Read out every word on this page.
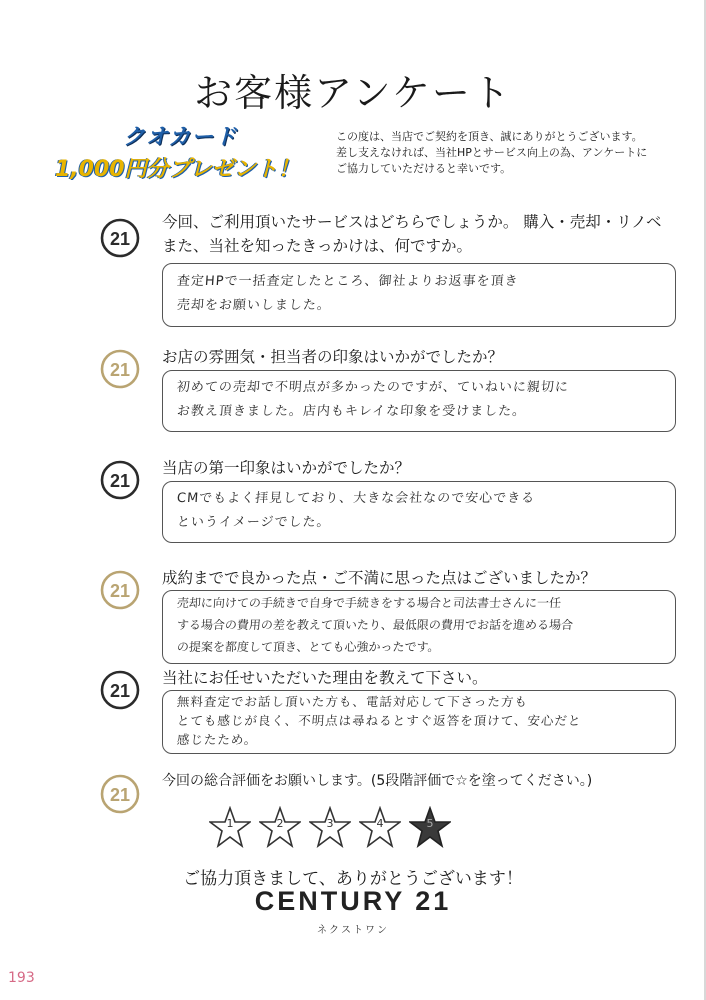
お客様アンケート
クオカード
1,000円分プレゼント！
この度は、当店でご契約を頂き、誠にありがとうございます。
差し支えなければ、当社HPとサービス向上の為、アンケートに
ご協力していただけると幸いです。
21
今回、ご利用頂いたサービスはどちらでしょうか。 購入・売却・リノベ
また、当社を知ったきっかけは、何ですか。
査定HPで一括査定したところ、御社よりお返事を頂き
売却をお願いしました。
21
お店の雰囲気・担当者の印象はいかがでしたか？
初めての売却で不明点が多かったのですが、ていねいに親切に
お教え頂きました。店内もキレイな印象を受けました。
21
当店の第一印象はいかがでしたか？
CMでもよく拝見しており、大きな会社なので安心できる
というイメージでした。
21
成約までで良かった点・ご不満に思った点はございましたか？
売却に向けての手続きで自身で手続きをする場合と司法書士さんに一任
する場合の費用の差を教えて頂いたり、最低限の費用でお話を進める場合
の提案を都度して頂き、とても心強かったです。
21
当社にお任せいただいた理由を教えて下さい。
無料査定でお話し頂いた方も、電話対応して下さった方も
とても感じが良く、不明点は尋ねるとすぐ返答を頂けて、安心だと
感じたため。
21
今回の総合評価をお願いします。(5段階評価で☆を塗ってください。)
1	2	3	4	5
ご協力頂きまして、ありがとうございます！
CENTURY 21
ネクストワン
193
